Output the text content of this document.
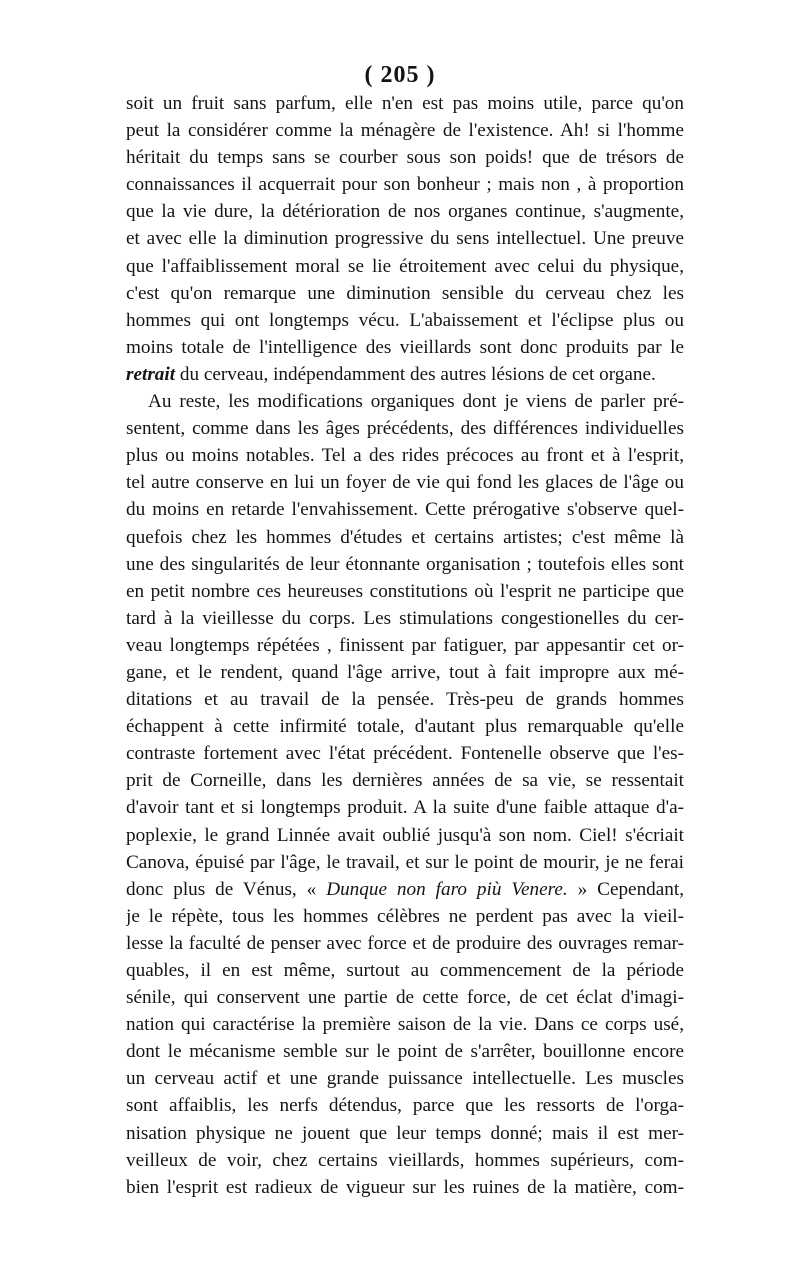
( 205 )
soit un fruit sans parfum, elle n'en est pas moins utile, parce qu'on
peut la considérer comme la ménagère de l'existence. Ah! si l'homme
héritait du temps sans se courber sous son poids! que de trésors de
connaissances il acquerrait pour son bonheur ; mais non , à proportion
que la vie dure, la détérioration de nos organes continue, s'augmente,
et avec elle la diminution progressive du sens intellectuel. Une preuve
que l'affaiblissement moral se lie étroitement avec celui du physique,
c'est qu'on remarque une diminution sensible du cerveau chez les
hommes qui ont longtemps vécu. L'abaissement et l'éclipse plus ou
moins totale de l'intelligence des vieillards sont donc produits par le
retrait du cerveau, indépendamment des autres lésions de cet organe.
Au reste, les modifications organiques dont je viens de parler pré-
sentent, comme dans les âges précédents, des différences individuelles
plus ou moins notables. Tel a des rides précoces au front et à l'esprit,
tel autre conserve en lui un foyer de vie qui fond les glaces de l'âge ou
du moins en retarde l'envahissement. Cette prérogative s'observe quel-
quefois chez les hommes d'études et certains artistes; c'est même là
une des singularités de leur étonnante organisation ; toutefois elles sont
en petit nombre ces heureuses constitutions où l'esprit ne participe que
tard à la vieillesse du corps. Les stimulations congestionelles du cer-
veau longtemps répétées , finissent par fatiguer, par appesantir cet or-
gane, et le rendent, quand l'âge arrive, tout à fait impropre aux mé-
ditations et au travail de la pensée. Très-peu de grands hommes
échappent à cette infirmité totale, d'autant plus remarquable qu'elle
contraste fortement avec l'état précédent. Fontenelle observe que l'es-
prit de Corneille, dans les dernières années de sa vie, se ressentait
d'avoir tant et si longtemps produit. A la suite d'une faible attaque d'a-
poplexie, le grand Linnée avait oublié jusqu'à son nom. Ciel! s'écriait
Canova, épuisé par l'âge, le travail, et sur le point de mourir, je ne ferai
donc plus de Vénus, « Dunque non faro più Venere. » Cependant,
je le répète, tous les hommes célèbres ne perdent pas avec la vieil-
lesse la faculté de penser avec force et de produire des ouvrages remar-
quables, il en est même, surtout au commencement de la période
sénile, qui conservent une partie de cette force, de cet éclat d'imagi-
nation qui caractérise la première saison de la vie. Dans ce corps usé,
dont le mécanisme semble sur le point de s'arrêter, bouillonne encore
un cerveau actif et une grande puissance intellectuelle. Les muscles
sont affaiblis, les nerfs détendus, parce que les ressorts de l'orga-
nisation physique ne jouent que leur temps donné; mais il est mer-
veilleux de voir, chez certains vieillards, hommes supérieurs, com-
bien l'esprit est radieux de vigueur sur les ruines de la matière, com-
